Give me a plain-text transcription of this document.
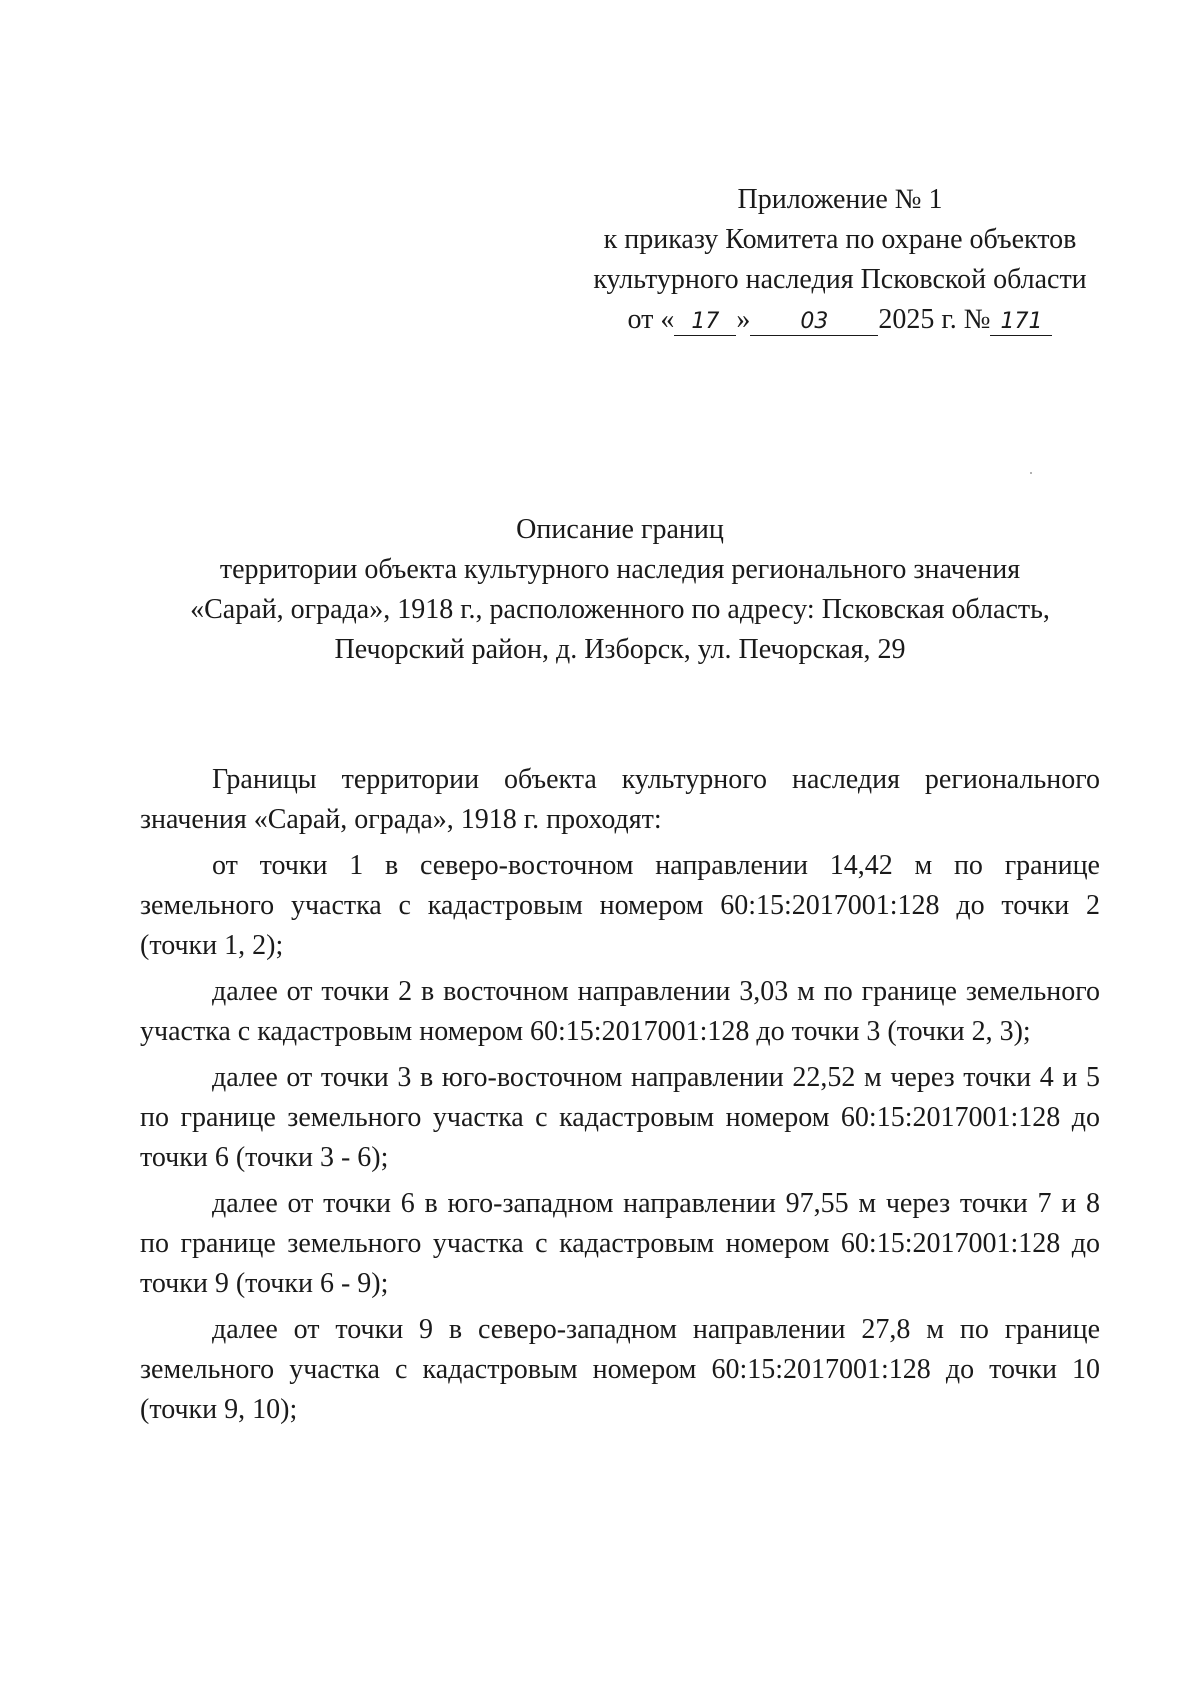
Приложение № 1
к приказу Комитета по охране объектов
культурного наследия Псковской области
от « 17 » 03 2025 г. № 171
Описание границ
территории объекта культурного наследия регионального значения
«Сарай, ограда», 1918 г., расположенного по адресу: Псковская область,
Печорский район, д. Изборск, ул. Печорская, 29

Границы территории объекта культурного наследия регионального значения «Сарай, ограда», 1918 г. проходят:

от точки 1 в северо-восточном направлении 14,42 м по границе земельного участка с кадастровым номером 60:15:2017001:128 до точки 2 (точки 1, 2);

далее от точки 2 в восточном направлении 3,03 м по границе земельного участка с кадастровым номером 60:15:2017001:128 до точки 3 (точки 2, 3);

далее от точки 3 в юго-восточном направлении 22,52 м через точки 4 и 5 по границе земельного участка с кадастровым номером 60:15:2017001:128 до точки 6 (точки 3 - 6);

далее от точки 6 в юго-западном направлении 97,55 м через точки 7 и 8 по границе земельного участка с кадастровым номером 60:15:2017001:128 до точки 9 (точки 6 - 9);

далее от точки 9 в северо-западном направлении 27,8 м по границе земельного участка с кадастровым номером 60:15:2017001:128 до точки 10 (точки 9, 10);
